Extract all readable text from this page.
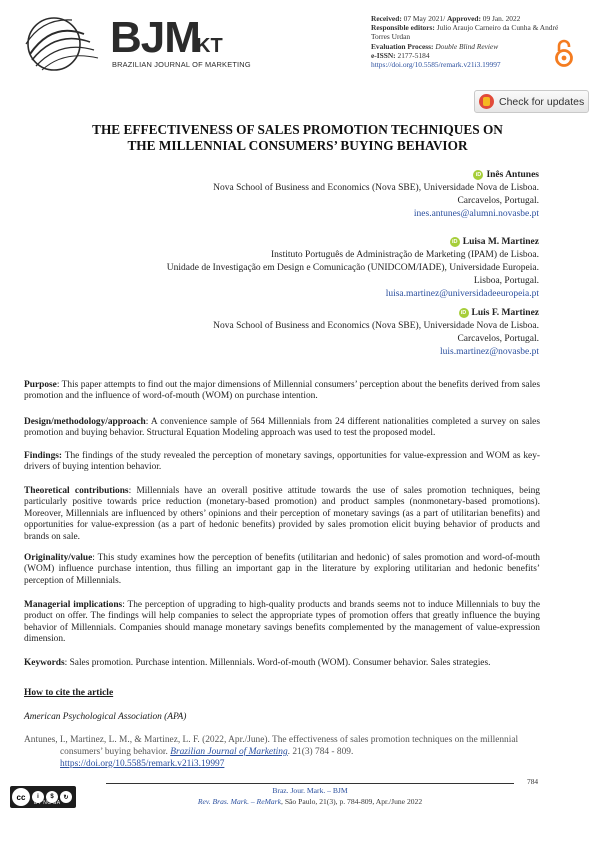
BJM
KT
BRAZILIAN JOURNAL OF MARKETING
Received: 07 May 2021/ Approved: 09 Jan. 2022
Responsible editors: Julio Araujo Carneiro da Cunha & André Torres Urdan
Evaluation Process: Double Blind Review
e-ISSN: 2177-5184
https://doi.org/10.5585/remark.v21i3.19997
Check for updates
THE EFFECTIVENESS OF SALES PROMOTION TECHNIQUES ON
THE MILLENNIAL CONSUMERS’ BUYING BEHAVIOR
iD Inês Antunes
Nova School of Business and Economics (Nova SBE), Universidade Nova de Lisboa.
Carcavelos, Portugal.
ines.antunes@alumni.novasbe.pt
iD Luisa M. Martinez
Instituto Português de Administração de Marketing (IPAM) de Lisboa.
Unidade de Investigação em Design e Comunicação (UNIDCOM/IADE), Universidade Europeia.
Lisboa, Portugal.
luisa.martinez@universidadeeuropeia.pt
iD Luis F. Martinez
Nova School of Business and Economics (Nova SBE), Universidade Nova de Lisboa.
Carcavelos, Portugal.
luis.martinez@novasbe.pt

Purpose: This paper attempts to find out the major dimensions of Millennial consumers’ perception about the benefits derived from sales promotion and the influence of word-of-mouth (WOM) on purchase intention.

Design/methodology/approach: A convenience sample of 564 Millennials from 24 different nationalities completed a survey on sales promotion and buying behavior. Structural Equation Modeling approach was used to test the proposed model.

Findings: The findings of the study revealed the perception of monetary savings, opportunities for value-expression and WOM as key-drivers of buying intention behavior.

Theoretical contributions: Millennials have an overall positive attitude towards the use of sales promotion techniques, being particularly positive towards price reduction (monetary-based promotion) and product samples (nonmonetary-based promotions). Moreover, Millennials are influenced by others’ opinions and their perception of monetary savings (as a part of utilitarian benefits) and opportunities for value-expression (as a part of hedonic benefits) provided by sales promotion elicit buying behavior of products and brands on sale.

Originality/value: This study examines how the perception of benefits (utilitarian and hedonic) of sales promotion and word-of-mouth (WOM) influence purchase intention, thus filling an important gap in the literature by exploring utilitarian and hedonic benefits’ perception of Millennials.

Managerial implications: The perception of upgrading to high-quality products and brands seems not to induce Millennials to buy the product on offer. The findings will help companies to select the appropriate types of promotion offers that greatly influence the buying behavior of Millennials. Companies should manage monetary savings benefits complemented by the management of value-expression dimension.

Keywords: Sales promotion. Purchase intention. Millennials. Word-of-mouth (WOM). Consumer behavior. Sales strategies.

How to cite the article
American Psychological Association (APA)

Antunes, I., Martinez, L. M., & Martinez, L. F. (2022, Apr./June). The effectiveness of sales promotion techniques on the millennial consumers’ buying behavior. Brazilian Journal of Marketing. 21(3) 784 - 809.
https://doi.org/10.5585/remark.v21i3.19997

cc	i	$	↻
BY NC SA
784
Braz. Jour. Mark. – BJM
Rev. Bras. Mark. – ReMark, São Paulo, 21(3), p. 784-809, Apr./June 2022
